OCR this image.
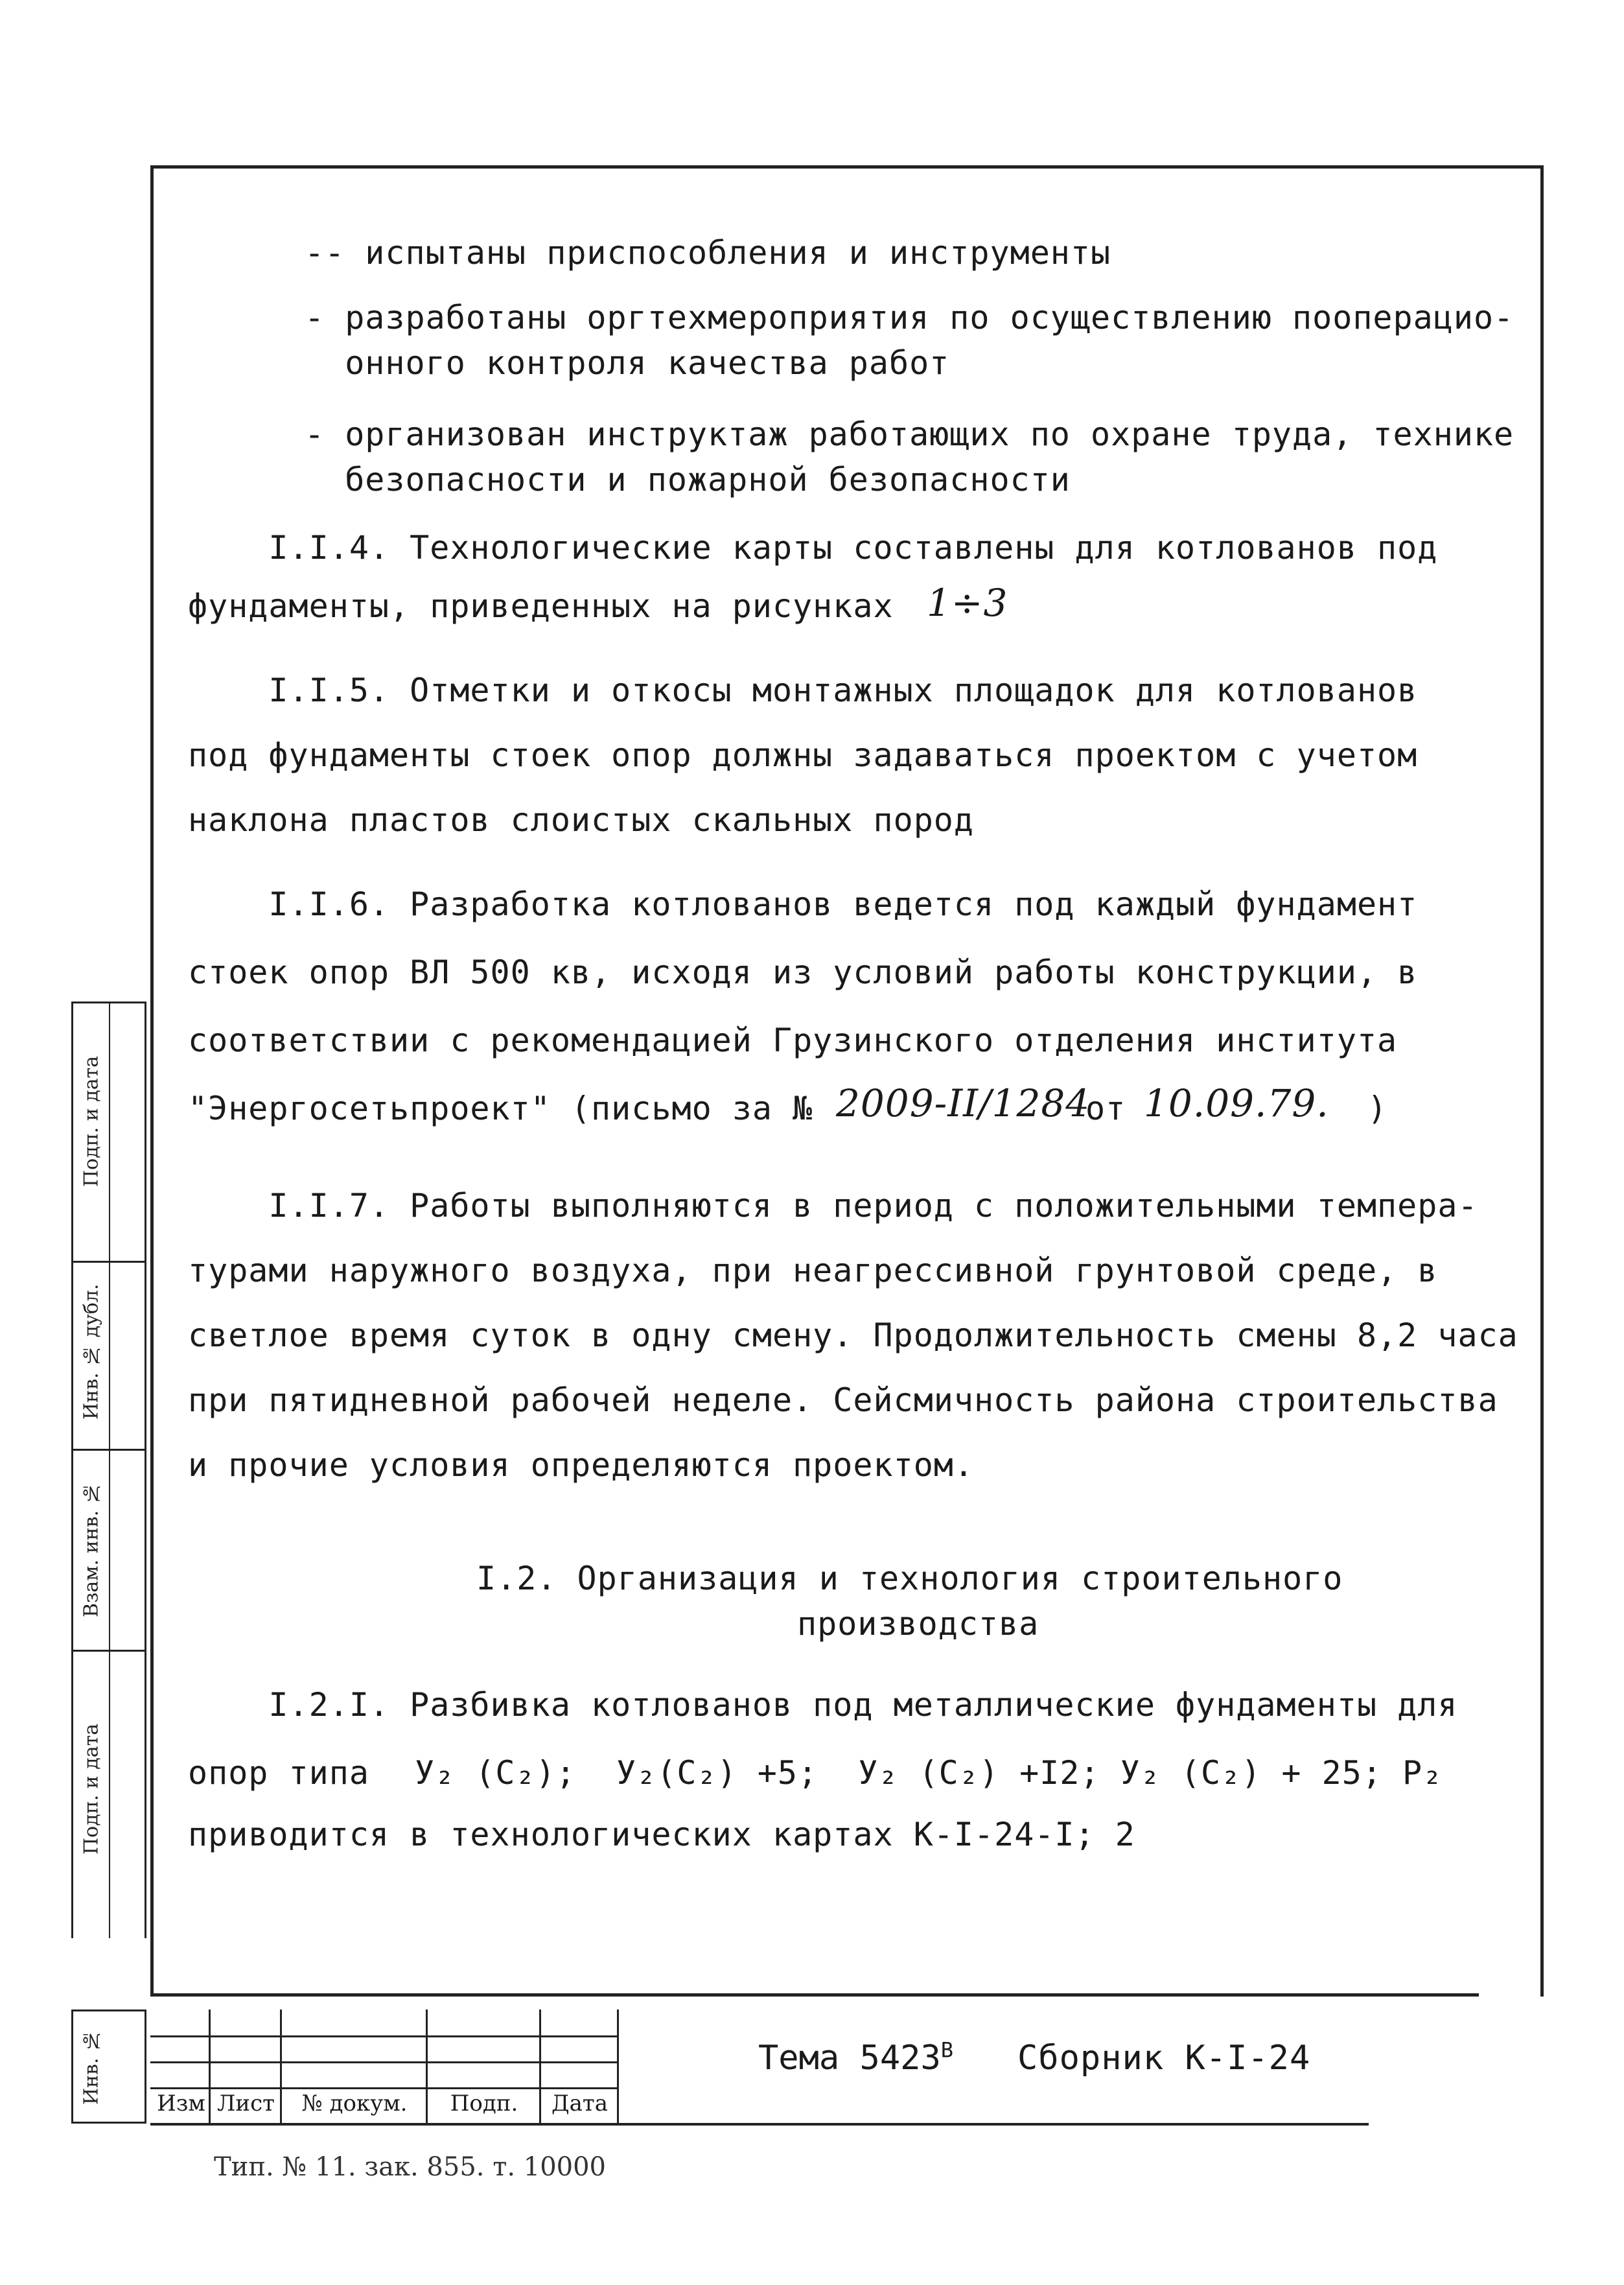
-- испытаны приспособления и инструменты
- разработаны оргтехмероприятия по осуществлению пооперацио-
онного контроля качества работ
- организован инструктаж работающих по охране труда, технике
безопасности и пожарной безопасности
I.I.4. Технологические карты составлены для котлованов под
фундаменты, приведенных на рисунках 1÷3
I.I.5. Отметки и откосы монтажных площадок для котлованов
под фундаменты стоек опор должны задаваться проектом с учетом
наклона пластов слоистых скальных пород
I.I.6. Разработка котлованов ведется под каждый фундамент
стоек опор ВЛ 500 кв, исходя из условий работы конструкции, в
соответствии с рекомендацией Грузинского отделения института
"Энергосетьпроект" (письмо за № 2009-II/1284
от 10.09.79. )
I.I.7. Работы выполняются в период с положительными темпера-
турами наружного воздуха, при неагрессивной грунтовой среде, в
светлое время суток в одну смену. Продолжительность смены 8,2 часа
при пятидневной рабочей неделе. Сейсмичность района строительства
и прочие условия определяются проектом.
I.2. Организация и технология строительного
производства
I.2.I. Разбивка котлованов под металлические фундаменты для
опор типа У₂ (С₂);  У₂(С₂) +5;  У₂ (С₂) +I2; У₂ (С₂) + 25; Р₂
приводится в технологических картах К-I-24-I; 2
Подп. и дата
Инв. № дубл.
Взам. инв. №
Подп. и дата
Инв. № Изм Лист	№ докум.	Подп.	Дата
Тема $5423^В$ Сборник К-I-24
Тип. № 11. зак. 855. т. 10000
